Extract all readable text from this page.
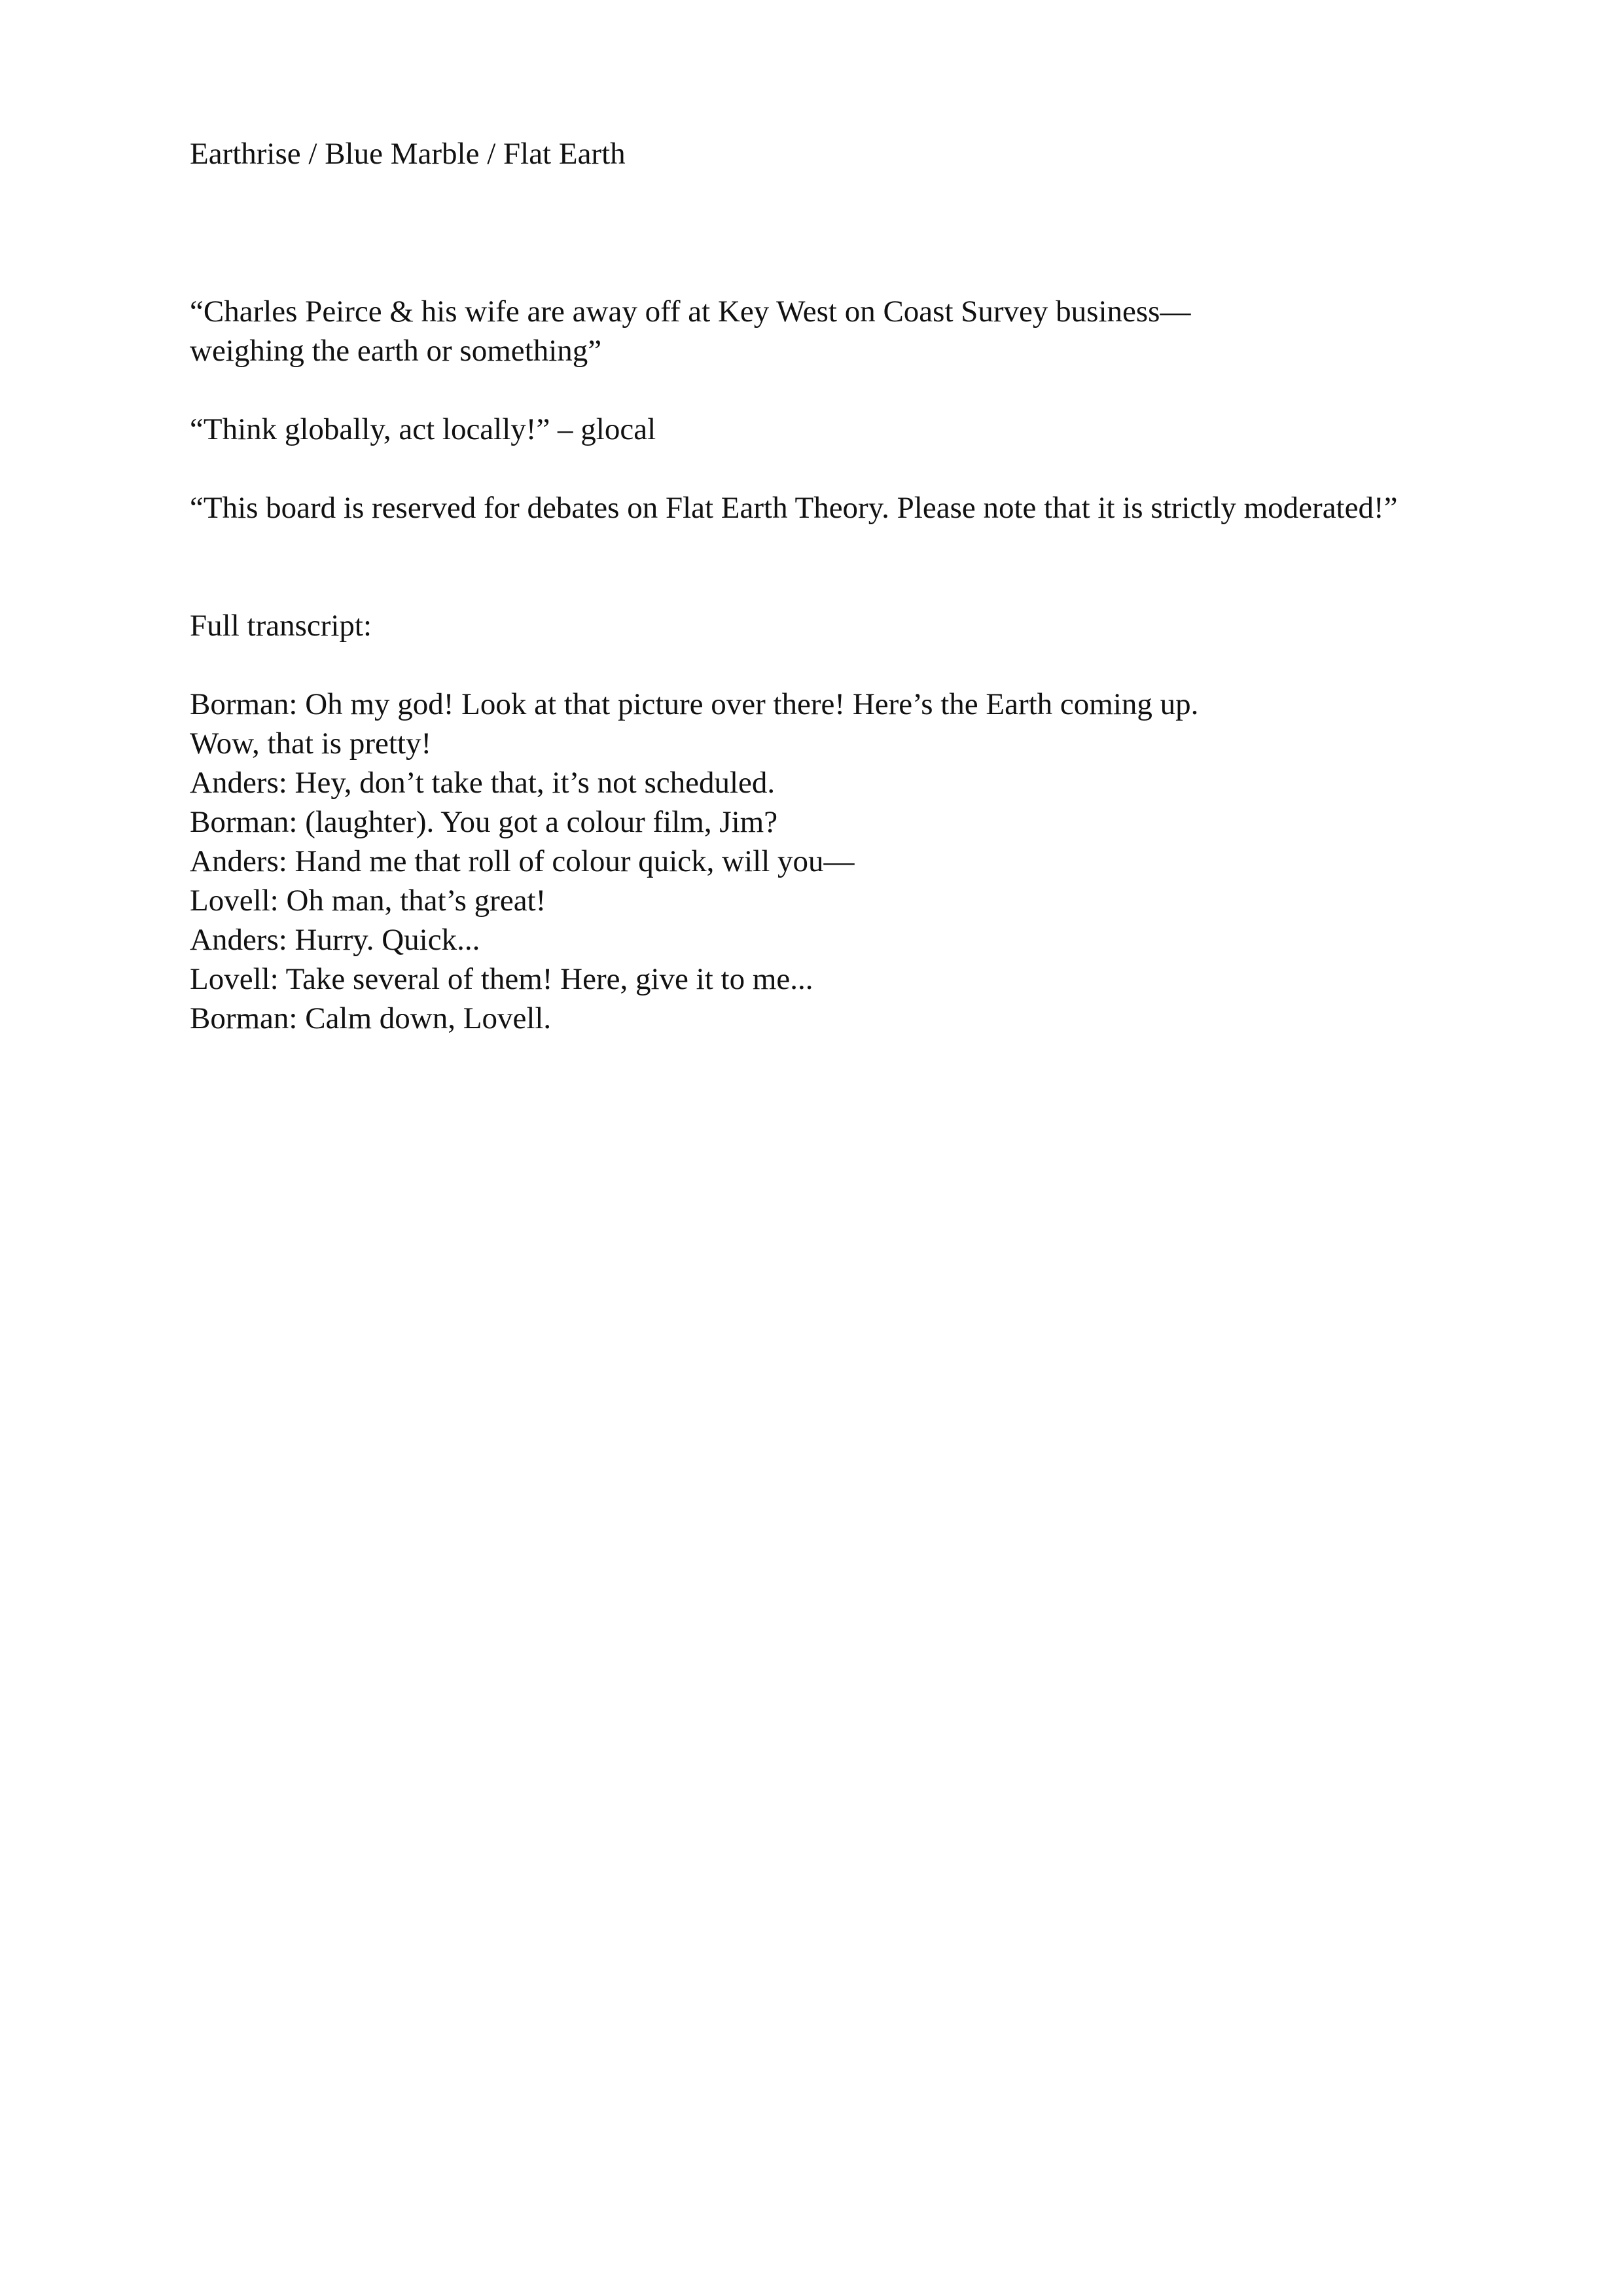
Earthrise / Blue Marble / Flat Earth
“Charles Peirce & his wife are away off at Key West on Coast Survey business—
weighing the earth or something”
“Think globally, act locally!” – glocal
“This board is reserved for debates on Flat Earth Theory. Please note that it is strictly moderated!”
Full transcript:
Borman: Oh my god! Look at that picture over there! Here’s the Earth coming up.
Wow, that is pretty!
Anders: Hey, don’t take that, it’s not scheduled.
Borman: (laughter). You got a colour film, Jim?
Anders: Hand me that roll of colour quick, will you—
Lovell: Oh man, that’s great!
Anders: Hurry. Quick...
Lovell: Take several of them! Here, give it to me...
Borman: Calm down, Lovell.
